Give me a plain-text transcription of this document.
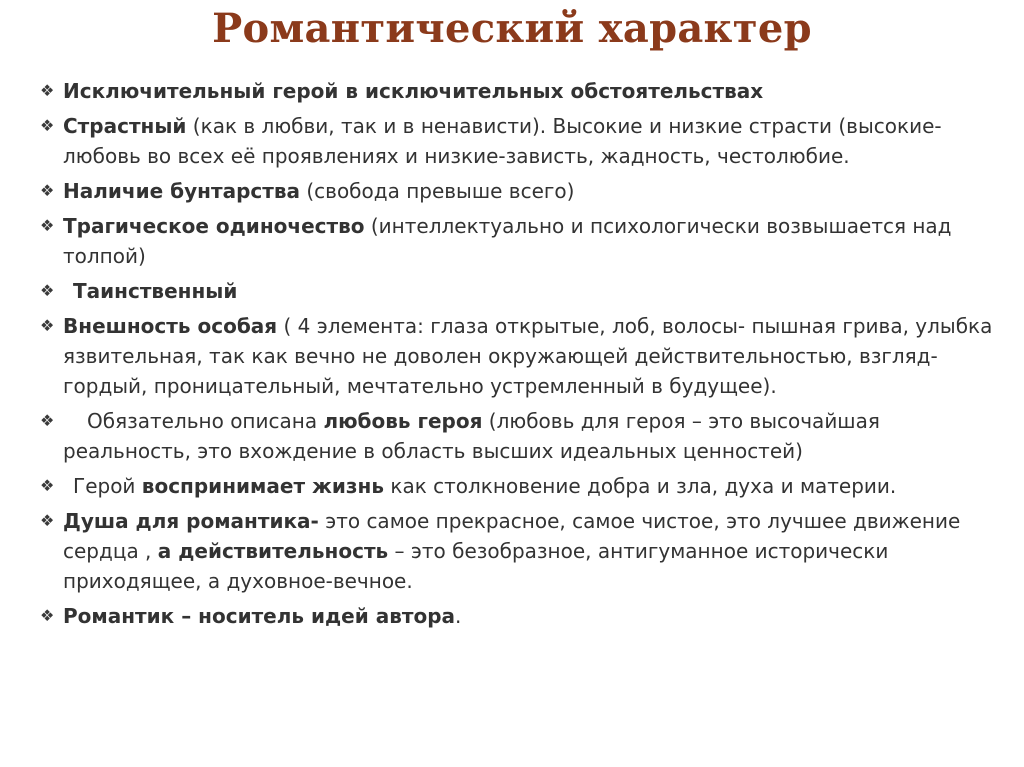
Романтический характер
❖ Исключительный герой в исключительных обстоятельствах
❖ Страстный (как в любви, так и в ненависти). Высокие и низкие страсти (высокие-любовь во всех её проявлениях и низкие-зависть, жадность, честолюбие.
❖ Наличие бунтарства (свобода превыше всего)
❖ Трагическое одиночество (интеллектуально и психологически возвышается над толпой)
❖ Таинственный
❖ Внешность особая ( 4 элемента: глаза открытые, лоб, волосы- пышная грива, улыбка язвительная, так как вечно не доволен окружающей действительностью, взгляд- гордый, проницательный, мечтательно устремленный в будущее).
❖ Обязательно описана любовь героя (любовь для героя – это высочайшая реальность, это вхождение в область высших идеальных ценностей)
❖ Герой воспринимает жизнь как столкновение добра и зла, духа и материи.
❖ Душа для романтика- это самое прекрасное, самое чистое, это лучшее движение сердца , а действительность – это безобразное, антигуманное исторически приходящее, а духовное-вечное.
❖ Романтик – носитель идей автора.
